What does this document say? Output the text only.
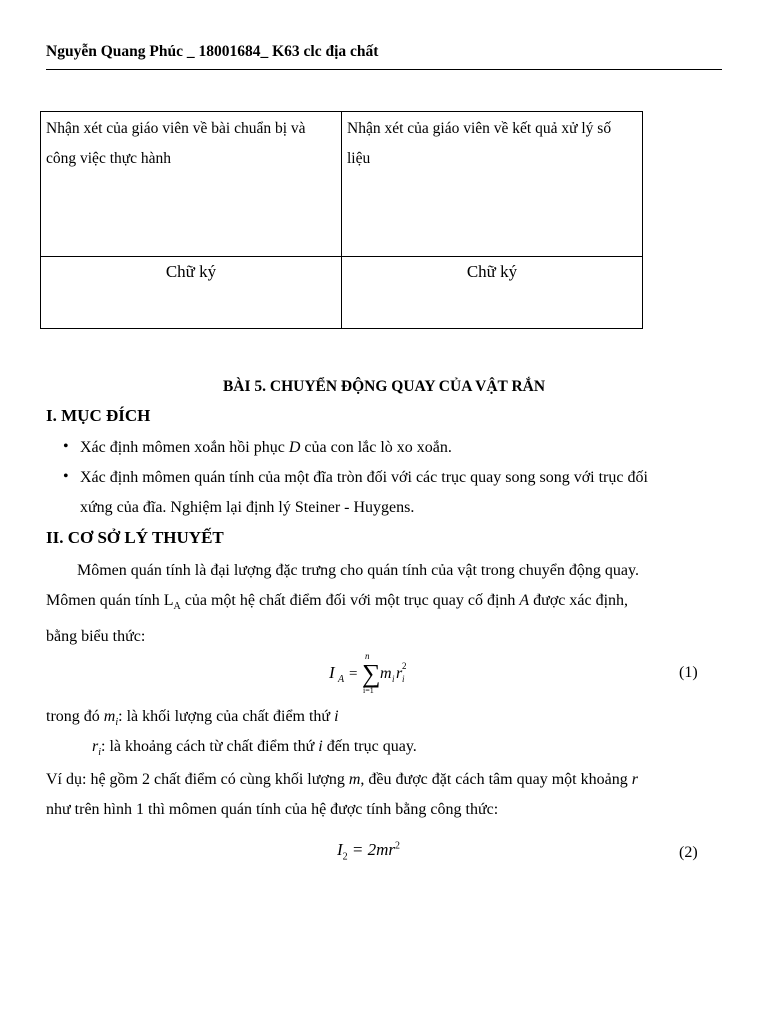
Nguyễn Quang Phúc _ 18001684_ K63 clc địa chất
Nhận xét của giáo viên về bài chuẩn bị và công việc thực hành	Nhận xét của giáo viên về kết quả xử lý số liệu
Chữ ký	Chữ ký
BÀI 5. CHUYỂN ĐỘNG QUAY CỦA VẬT RẮN
I. MỤC ĐÍCH
• Xác định mômen xoắn hồi phục D của con lắc lò xo xoắn.
• Xác định mômen quán tính của một đĩa tròn đối với các trục quay song song với trục đối
xứng của đĩa. Nghiệm lại định lý Steiner - Huygens.
II. CƠ SỞ LÝ THUYẾT
Mômen quán tính là đại lượng đặc trưng cho quán tính của vật trong chuyển động quay.
Mômen quán tính $L_A$ của một hệ chất điểm đối với một trục quay cố định A được xác định,
bằng biểu thức:
I A = ∑
n
i=1
m i r i
2	(1)
trong đó $m_i$: là khối lượng của chất điểm thứ i
$r_i$: là khoảng cách từ chất điểm thứ i đến trục quay.
Ví dụ: hệ gồm 2 chất điểm có cùng khối lượng m, đều được đặt cách tâm quay một khoảng r
như trên hình 1 thì mômen quán tính của hệ được tính bằng công thức:
$I_2 = 2mr^2$	(2)
